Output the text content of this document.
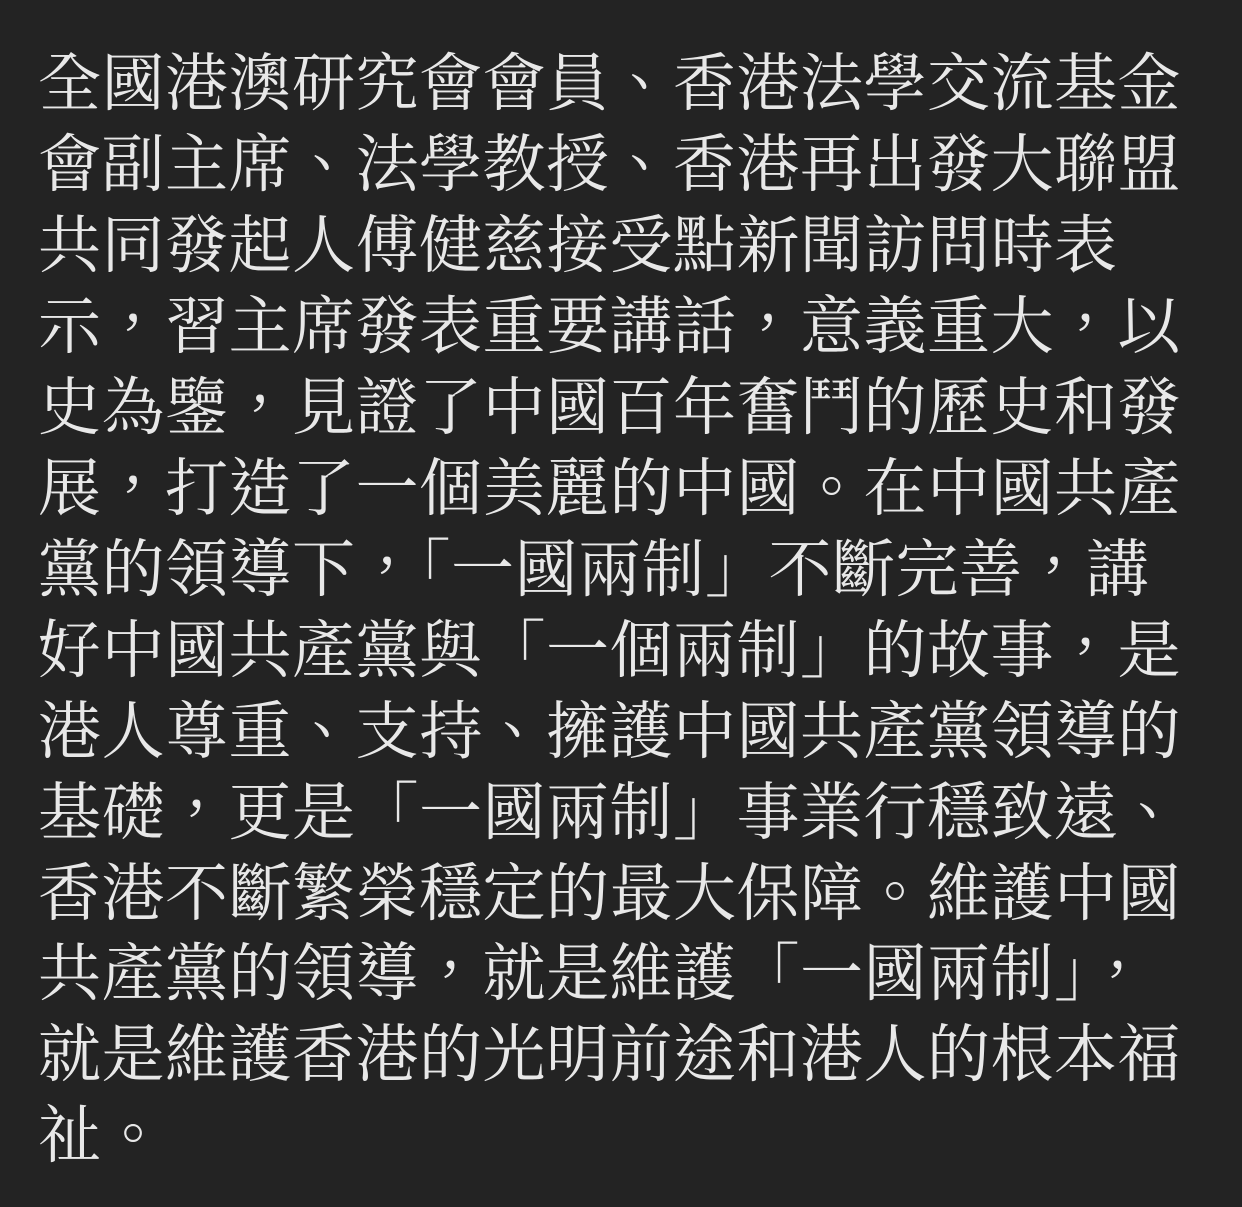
全國港澳研究會會員、香港法學交流基金會副主席、法學教授、香港再出發大聯盟共同發起人傅健慈接受點新聞訪問時表示，習主席發表重要講話，意義重大，以史為鑒，見證了中國百年奮鬥的歷史和發展，打造了一個美麗的中國。在中國共產黨的領導下，「一國兩制」不斷完善，講好中國共產黨與「一個兩制」的故事，是港人尊重、支持、擁護中國共產黨領導的基礎，更是「一國兩制」事業行穩致遠、香港不斷繁榮穩定的最大保障。維護中國共產黨的領導，就是維護「一國兩制」，就是維護香港的光明前途和港人的根本福祉。
